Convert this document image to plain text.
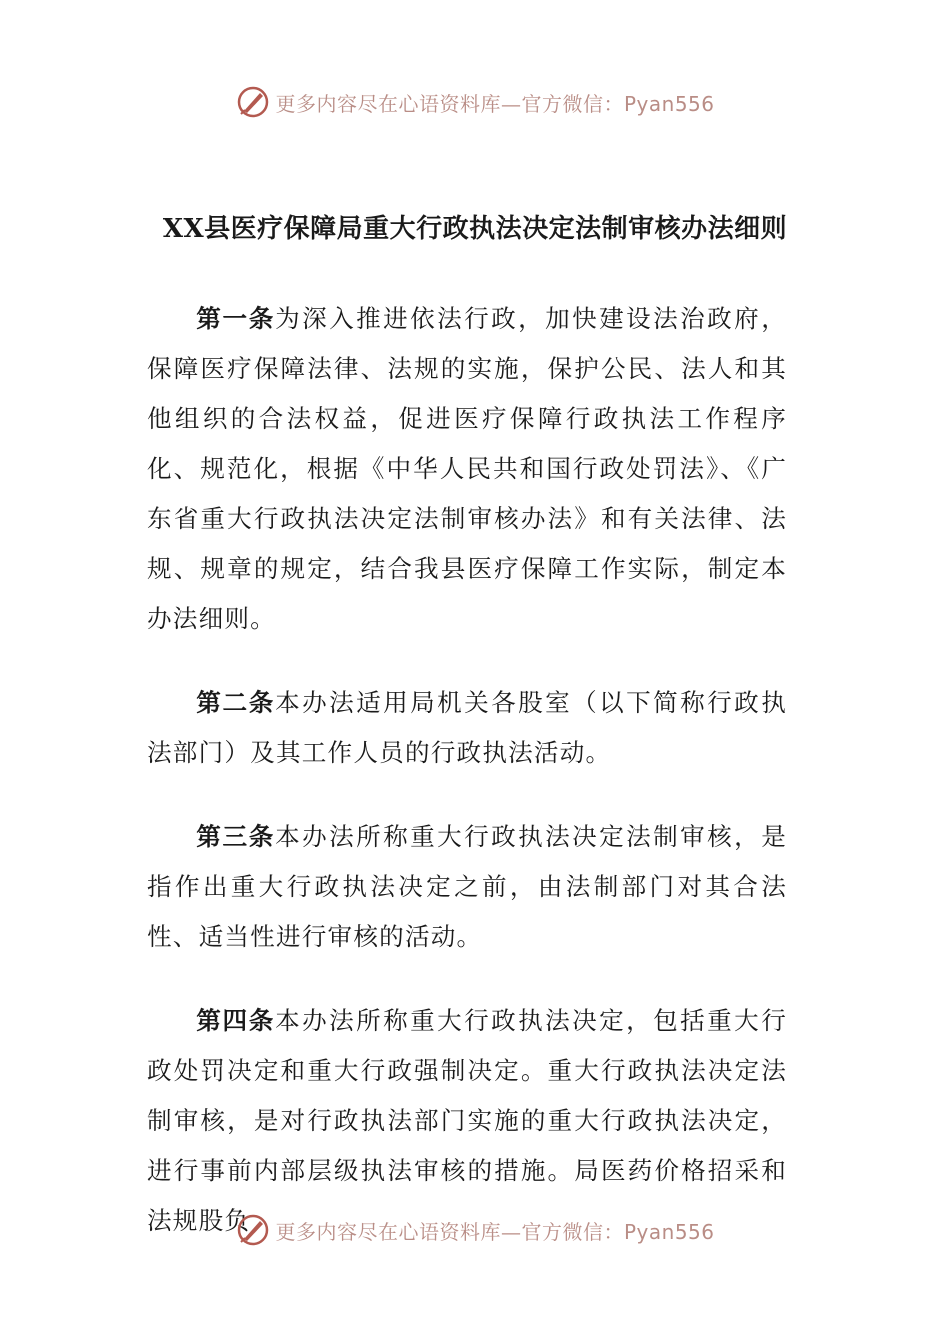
更多内容尽在心语资料库—官方微信：Pyan556
XX县医疗保障局重大行政执法决定法制审核办法细则

第一条为深入推进依法行政，加快建设法治政府，保障医疗保障法律、法规的实施，保护公民、法人和其他组织的合法权益，促进医疗保障行政执法工作程序化、规范化，根据《中华人民共和国行政处罚法》、《广东省重大行政执法决定法制审核办法》和有关法律、法规、规章的规定，结合我县医疗保障工作实际，制定本办法细则。

第二条本办法适用局机关各股室（以下简称行政执法部门）及其工作人员的行政执法活动。

第三条本办法所称重大行政执法决定法制审核，是指作出重大行政执法决定之前，由法制部门对其合法性、适当性进行审核的活动。

第四条本办法所称重大行政执法决定，包括重大行政处罚决定和重大行政强制决定。重大行政执法决定法制审核，是对行政执法部门实施的重大行政执法决定，进行事前内部层级执法审核的措施。局医药价格招采和法规股负	更多内容尽在心语资料库—官方微信：Pyan556
